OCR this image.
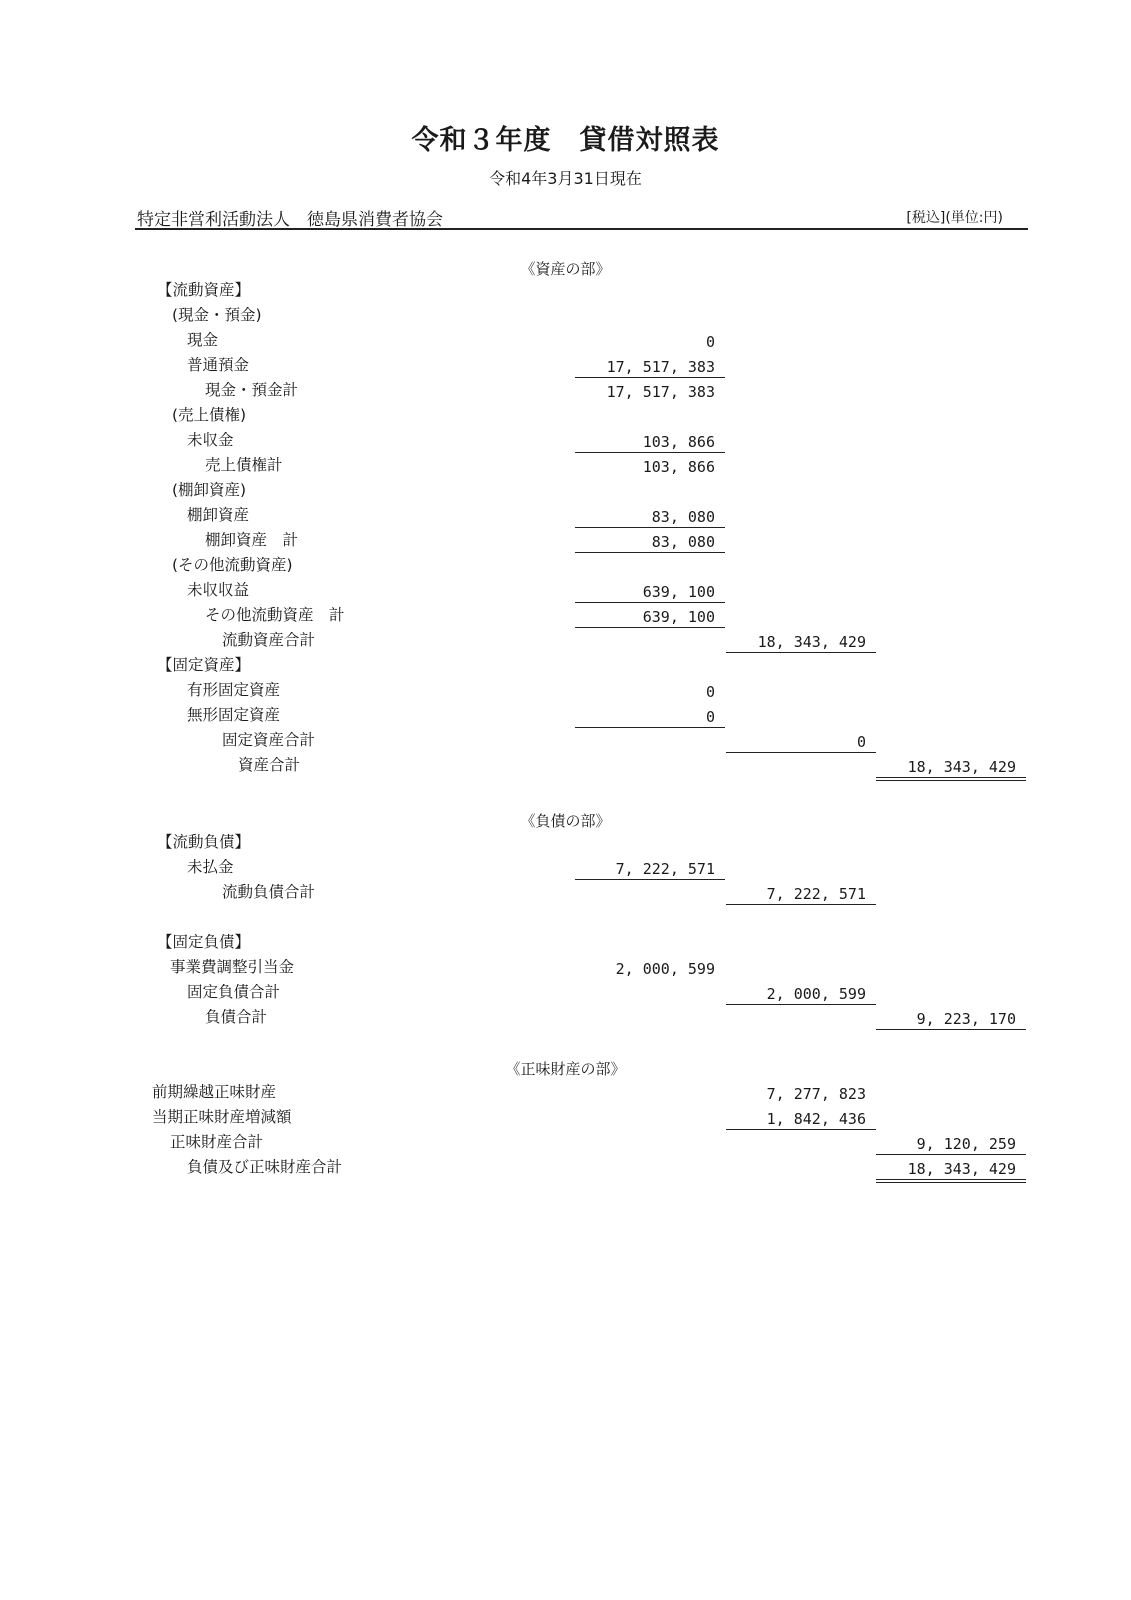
令和３年度　貸借対照表
令和4年3月31日現在
特定非営利活動法人　徳島県消費者協会	[税込](単位:円)
《資産の部》
【流動資産】
(現金・預金)
現金	0
普通預金	17, 517, 383
現金・預金計	17, 517, 383
(売上債権)
未収金	103, 866
売上債権計	103, 866
(棚卸資産)
棚卸資産	83, 080
棚卸資産　計	83, 080
(その他流動資産)
未収収益	639, 100
その他流動資産　計	639, 100
流動資産合計	18, 343, 429
【固定資産】
有形固定資産	0
無形固定資産	0
固定資産合計	0
資産合計	18, 343, 429
《負債の部》
【流動負債】
未払金	7, 222, 571
流動負債合計	7, 222, 571
【固定負債】
事業費調整引当金	2, 000, 599
固定負債合計	2, 000, 599
負債合計	9, 223, 170
《正味財産の部》
前期繰越正味財産	7, 277, 823
当期正味財産増減額	1, 842, 436
正味財産合計	9, 120, 259
負債及び正味財産合計	18, 343, 429
